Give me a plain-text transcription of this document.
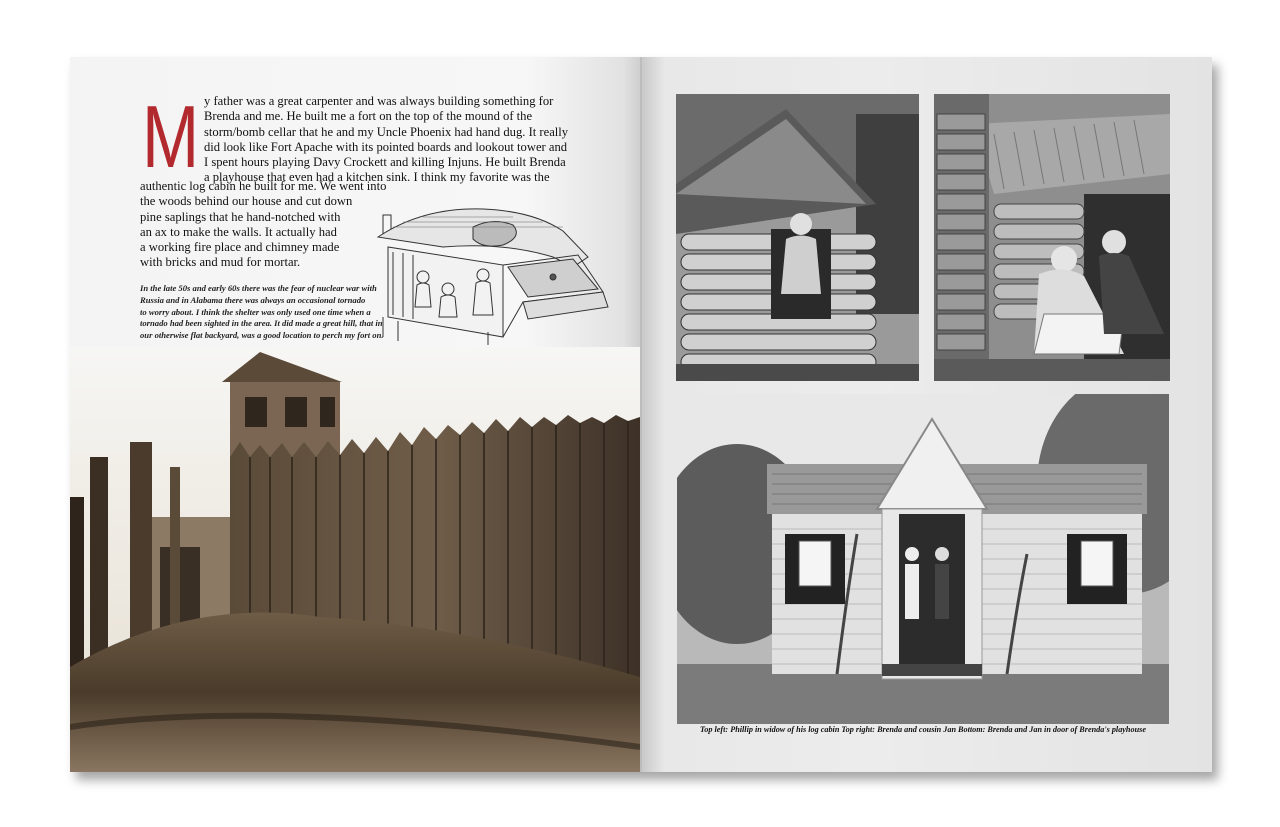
M y father was a great carpenter and was always building something for
Brenda and me. He built me a fort on the top of the mound of the
storm/bomb cellar that he and my Uncle Phoenix had hand dug. It really
did look like Fort Apache with its pointed boards and lookout tower and
I spent hours playing Davy Crockett and killing Injuns. He built Brenda
a playhouse that even had a kitchen sink. I think my favorite was the
authentic log cabin he built for me. We went into
the woods behind our house and cut down
pine saplings that he hand-notched with
an ax to make the walls. It actually had
a working fire place and chimney made
with bricks and mud for mortar.
In the late 50s and early 60s there was the fear of nuclear war with
Russia and in Alabama there was always an occasional tornado
to worry about. I think the shelter was only used one time when a
tornado had been sighted in the area. It did made a great hill, that in
our otherwise flat backyard, was a good location to perch my fort on.
Top left: Phillip in widow of his log cabin Top right: Brenda and cousin Jan Bottom: Brenda and Jan in door of Brenda's playhouse
